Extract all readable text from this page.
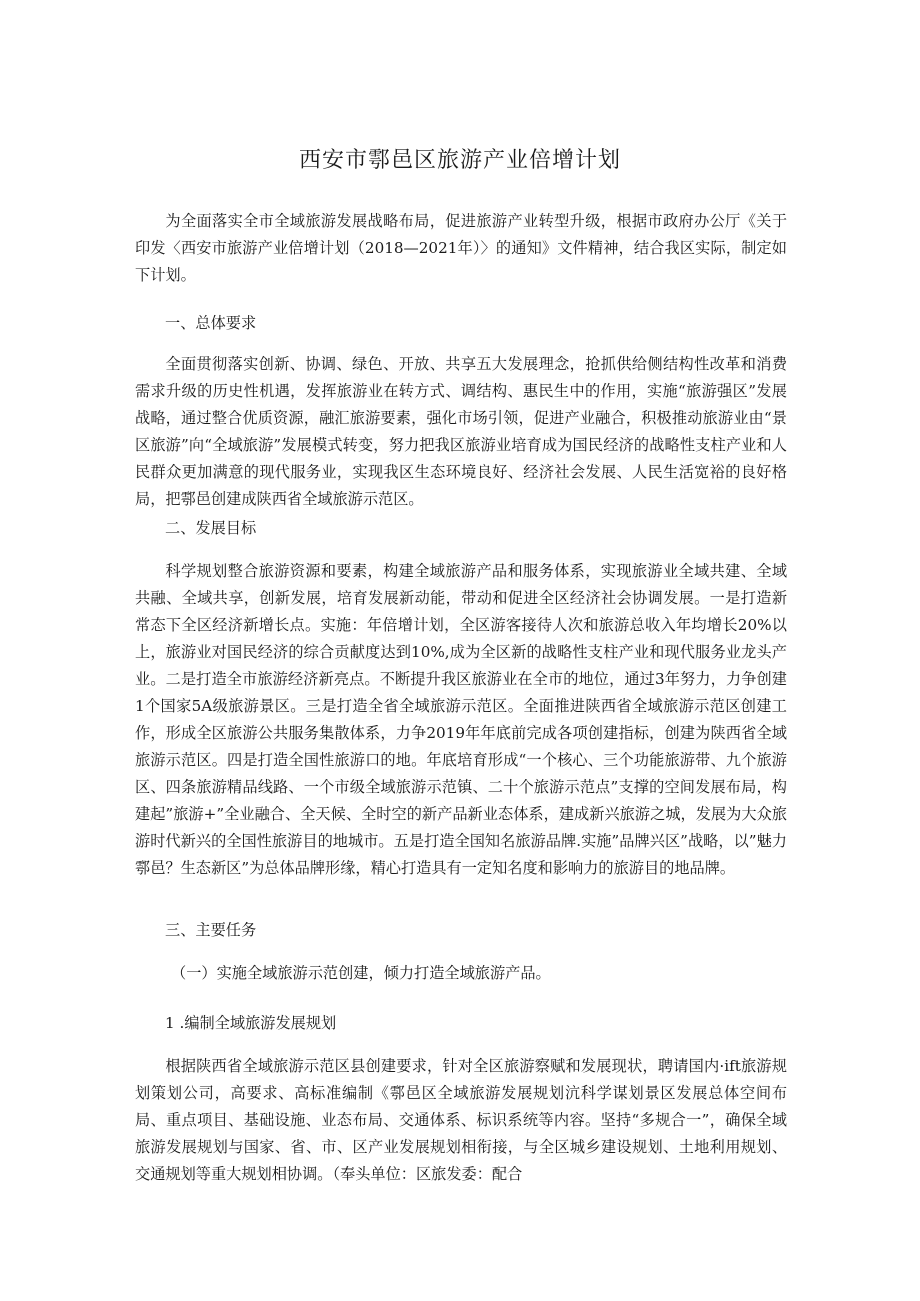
西安市鄠邑区旅游产业倍增计划

为全面落实全市全域旅游发展战略布局，促进旅游产业转型升级，根据市政府办公厅《关于印发〈西安市旅游产业倍增计划（2018—2021年）〉的通知》文件精神，结合我区实际，制定如下计划。

一、总体要求

全面贯彻落实创新、协调、绿色、开放、共享五大发展理念，抢抓供给侧结构性改革和消费需求升级的历史性机遇，发挥旅游业在转方式、调结构、惠民生中的作用，实施“旅游强区”发展战略，通过整合优质资源，融汇旅游要素，强化市场引领，促进产业融合，积极推动旅游业由“景区旅游”向“全域旅游”发展模式转变，努力把我区旅游业培育成为国民经济的战略性支柱产业和人民群众更加满意的现代服务业，实现我区生态环境良好、经济社会发展、人民生活宽裕的良好格局，把鄠邑创建成陕西省全域旅游示范区。

二、发展目标

科学规划整合旅游资源和要素，构建全域旅游产品和服务体系，实现旅游业全域共建、全域共融、全域共享，创新发展，培育发展新动能，带动和促进全区经济社会协调发展。一是打造新常态下全区经济新增长点。实施：年倍增计划，全区游客接待人次和旅游总收入年均增长20%以上，旅游业对国民经济的综合贡献度达到10%,成为全区新的战略性支柱产业和现代服务业龙头产业。二是打造全市旅游经济新亮点。不断提升我区旅游业在全市的地位，通过3年努力，力争创建1个国家5A级旅游景区。三是打造全省全域旅游示范区。全面推进陕西省全域旅游示范区创建工作，形成全区旅游公共服务集散体系，力争2019年年底前完成各项创建指标，创建为陕西省全域旅游示范区。四是打造全国性旅游口的地。年底培育形成“一个核心、三个功能旅游带、九个旅游区、四条旅游精品线路、一个市级全域旅游示范镇、二十个旅游示范点”支撑的空间发展布局，构建起”旅游+”全业融合、全天候、全时空的新产品新业态体系，建成新兴旅游之城，发展为大众旅游时代新兴的全国性旅游目的地城市。五是打造全国知名旅游品牌.实施”品牌兴区”战略，以”魅力鄠邑？生态新区”为总体品牌形缘，精心打造具有一定知名度和影响力的旅游目的地品牌。

三、主要任务

（一）实施全域旅游示范创建，倾力打造全域旅游产品。

1 .编制全域旅游发展规划

根据陕西省全域旅游示范区县创建要求，针对全区旅游察赋和发展现状，聘请国内·ift旅游规划策划公司，高要求、高标准编制《鄠邑区全域旅游发展规划沆科学谋划景区发展总体空间布局、重点项目、基础设施、业态布局、交通体系、标识系统等内容。坚持“多规合一”，确保全域旅游发展规划与国家、省、市、区产业发展规划相衔接，与全区城乡建设规划、土地利用规划、交通规划等重大规划相协调。（奉头单位：区旅发委：配合
